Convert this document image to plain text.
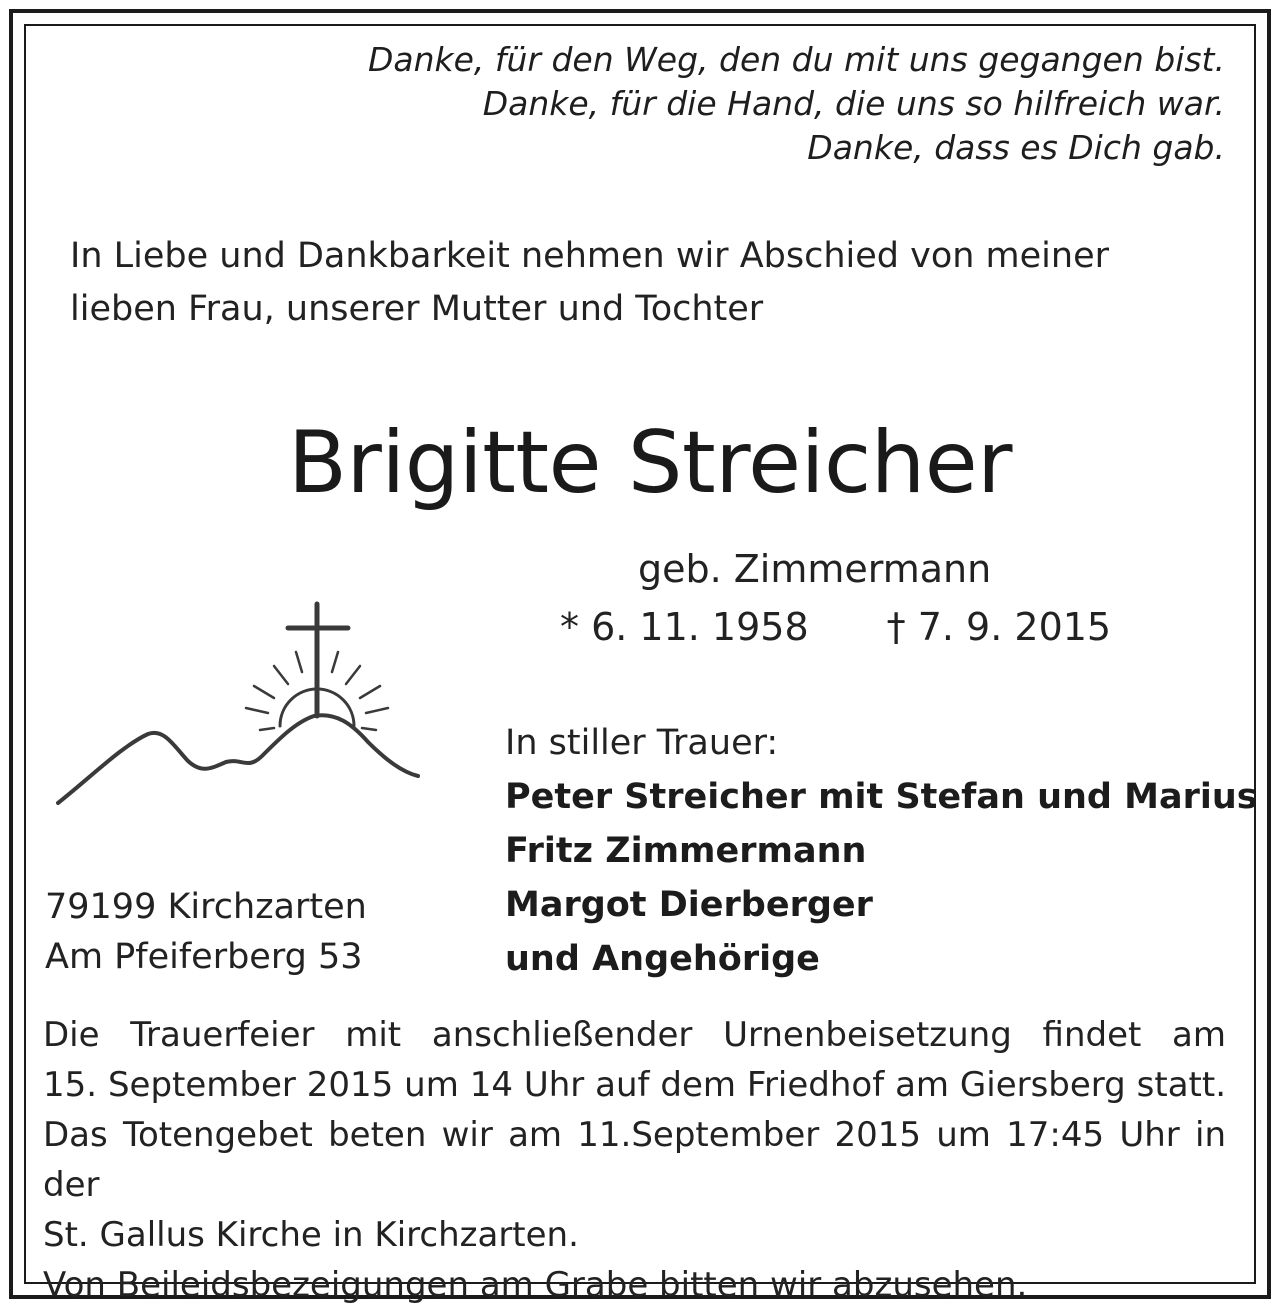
Danke, für den Weg, den du mit uns gegangen bist.
Danke, für die Hand, die uns so hilfreich war.
Danke, dass es Dich gab.
In Liebe und Dankbarkeit nehmen wir Abschied von meiner
lieben Frau, unserer Mutter und Tochter
Brigitte Streicher
geb. Zimmermann
* 6. 11. 1958 † 7. 9. 2015
In stiller Trauer:
Peter Streicher mit Stefan und Marius
Fritz Zimmermann
Margot Dierberger
und Angehörige
79199 Kirchzarten
Am Pfeiferberg 53
Die Trauerfeier mit anschließender Urnenbeisetzung findet am
15. September 2015 um 14 Uhr auf dem Friedhof am Giersberg statt.
Das Totengebet beten wir am 11.September 2015 um 17:45 Uhr in der
St. Gallus Kirche in Kirchzarten.
Von Beileidsbezeigungen am Grabe bitten wir abzusehen.
